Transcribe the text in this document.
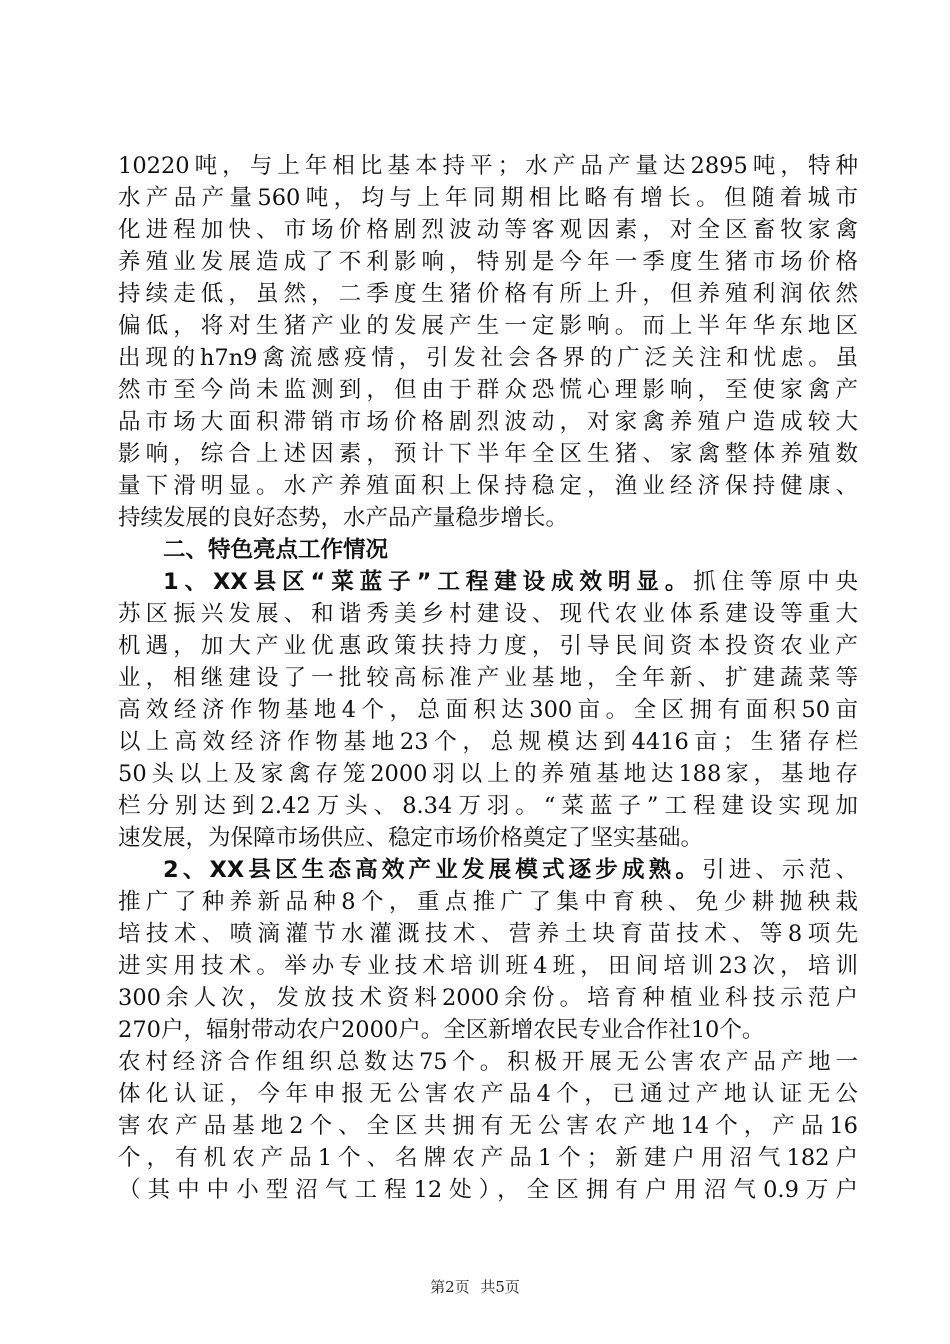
10220吨，与上年相比基本持平；水产品产量达2895吨，特种
水产品产量560吨，均与上年同期相比略有增长。但随着城市
化进程加快、市场价格剧烈波动等客观因素，对全区畜牧家禽
养殖业发展造成了不利影响，特别是今年一季度生猪市场价格
持续走低，虽然，二季度生猪价格有所上升，但养殖利润依然
偏低，将对生猪产业的发展产生一定影响。而上半年华东地区
出现的h7n9禽流感疫情，引发社会各界的广泛关注和忧虑。虽
然市至今尚未监测到，但由于群众恐慌心理影响，至使家禽产
品市场大面积滞销市场价格剧烈波动，对家禽养殖户造成较大
影响，综合上述因素，预计下半年全区生猪、家禽整体养殖数
量下滑明显。水产养殖面积上保持稳定，渔业经济保持健康、
持续发展的良好态势，水产品产量稳步增长。
二、特色亮点工作情况
1、XX县区“菜蓝子”工程建设成效明显。抓住等原中央
苏区振兴发展、和谐秀美乡村建设、现代农业体系建设等重大
机遇，加大产业优惠政策扶持力度，引导民间资本投资农业产
业，相继建设了一批较高标准产业基地，全年新、扩建蔬菜等
高效经济作物基地4个，总面积达300亩。全区拥有面积50亩
以上高效经济作物基地23个，总规模达到4416亩；生猪存栏
50头以上及家禽存笼2000羽以上的养殖基地达188家，基地存
栏分别达到2.42万头、8.34万羽。“菜蓝子”工程建设实现加
速发展，为保障市场供应、稳定市场价格奠定了坚实基础。
2、XX县区生态高效产业发展模式逐步成熟。引进、示范、
推广了种养新品种8个，重点推广了集中育秧、免少耕抛秧栽
培技术、喷滴灌节水灌溉技术、营养土块育苗技术、等8项先
进实用技术。举办专业技术培训班4班，田间培训23次，培训
300余人次，发放技术资料2000余份。培育种植业科技示范户
270户，辐射带动农户2000户。全区新增农民专业合作社10个。
农村经济合作组织总数达75个。积极开展无公害农产品产地一
体化认证，今年申报无公害农产品4个，已通过产地认证无公
害农产品基地2个、全区共拥有无公害农产地14个，产品16
个，有机农产品1个、名牌农产品1个；新建户用沼气182户
（其中中小型沼气工程12处），全区拥有户用沼气0.9万户
第2页 共5页
